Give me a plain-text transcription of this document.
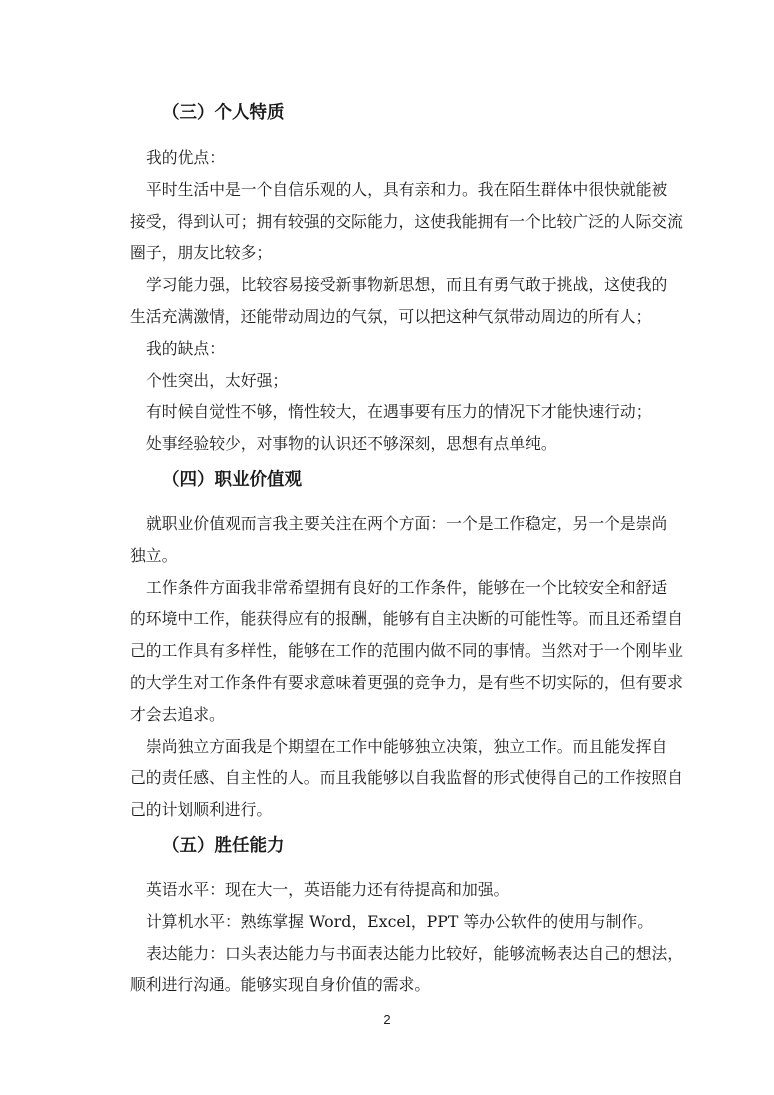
（三）个人特质

我的优点：

平时生活中是一个自信乐观的人，具有亲和力。我在陌生群体中很快就能被
接受，得到认可；拥有较强的交际能力，这使我能拥有一个比较广泛的人际交流
圈子，朋友比较多；

学习能力强，比较容易接受新事物新思想，而且有勇气敢于挑战，这使我的
生活充满激情，还能带动周边的气氛，可以把这种气氛带动周边的所有人；

我的缺点：

个性突出，太好强；

有时候自觉性不够，惰性较大，在遇事要有压力的情况下才能快速行动；

处事经验较少，对事物的认识还不够深刻，思想有点单纯。

（四）职业价值观

就职业价值观而言我主要关注在两个方面：一个是工作稳定，另一个是崇尚
独立。

工作条件方面我非常希望拥有良好的工作条件，能够在一个比较安全和舒适
的环境中工作，能获得应有的报酬，能够有自主决断的可能性等。而且还希望自
己的工作具有多样性，能够在工作的范围内做不同的事情。当然对于一个刚毕业
的大学生对工作条件有要求意味着更强的竞争力，是有些不切实际的，但有要求
才会去追求。

崇尚独立方面我是个期望在工作中能够独立决策，独立工作。而且能发挥自
己的责任感、自主性的人。而且我能够以自我监督的形式使得自己的工作按照自
己的计划顺利进行。

（五）胜任能力

英语水平：现在大一，英语能力还有待提高和加强。

计算机水平：熟练掌握 Word，Excel，PPT 等办公软件的使用与制作。

表达能力：口头表达能力与书面表达能力比较好，能够流畅表达自己的想法，
顺利进行沟通。能够实现自身价值的需求。

2
